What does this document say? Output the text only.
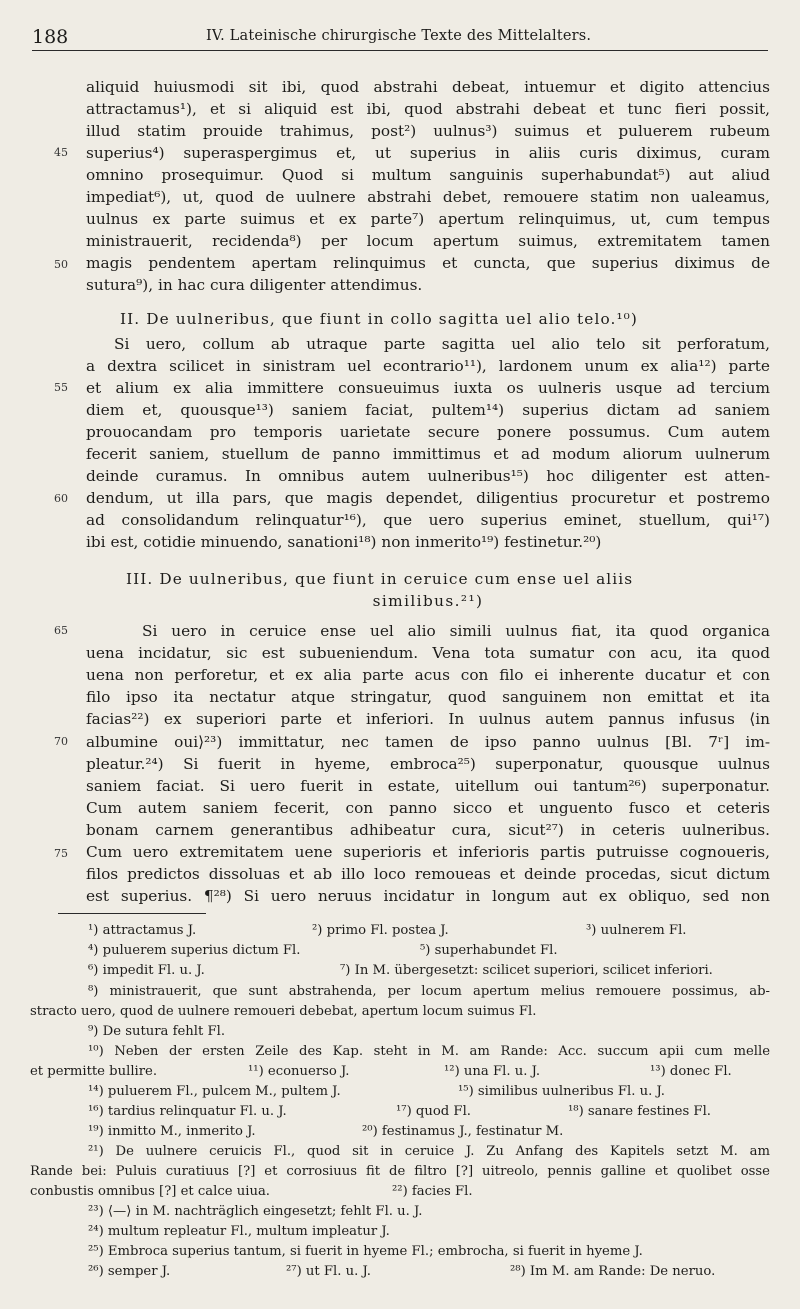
188	IV. Lateinische chirurgische Texte des Mittelalters.
45
50
55
60
65
70
75
aliquid huiusmodi sit ibi, quod abstrahi debeat, intuemur et digito attencius
attractamus¹), et si aliquid est ibi, quod abstrahi debeat et tunc fieri possit,
illud statim prouide trahimus, post²) uulnus³) suimus et puluerem rubeum
superius⁴) superaspergimus et, ut superius in aliis curis diximus, curam
omnino prosequimur. Quod si multum sanguinis superhabundat⁵) aut aliud
impediat⁶), ut, quod de uulnere abstrahi debet, remouere statim non ualeamus,
uulnus ex parte suimus et ex parte⁷) apertum relinquimus, ut, cum tempus
ministrauerit, recidenda⁸) per locum apertum suimus, extremitatem tamen
magis pendentem apertam relinquimus et cuncta, que superius diximus de
sutura⁹), in hac cura diligenter attendimus.
II. De uulneribus, que fiunt in collo sagitta uel alio telo.¹⁰)
Si uero, collum ab utraque parte sagitta uel alio telo sit perforatum,
a dextra scilicet in sinistram uel econtrario¹¹), lardonem unum ex alia¹²) parte
et alium ex alia immittere consueuimus iuxta os uulneris usque ad tercium
diem et, quousque¹³) saniem faciat, pultem¹⁴) superius dictam ad saniem
prouocandam pro temporis uarietate secure ponere possumus. Cum autem
fecerit saniem, stuellum de panno immittimus et ad modum aliorum uulnerum
deinde curamus. In omnibus autem uulneribus¹⁵) hoc diligenter est atten-
dendum, ut illa pars, que magis dependet, diligentius procuretur et postremo
ad consolidandum relinquatur¹⁶), que uero superius eminet, stuellum, qui¹⁷)
ibi est, cotidie minuendo, sanationi¹⁸) non inmerito¹⁹) festinetur.²⁰)
III. De uulneribus, que fiunt in ceruice cum ense uel aliis
similibus.²¹)
Si uero in ceruice ense uel alio simili uulnus fiat, ita quod organica
uena incidatur, sic est subueniendum. Vena tota sumatur con acu, ita quod
uena non perforetur, et ex alia parte acus con filo ei inherente ducatur et con
filo ipso ita nectatur atque stringatur, quod sanguinem non emittat et ita
facias²²) ex superiori parte et inferiori. In uulnus autem pannus infusus ⟨in
albumine oui⟩²³) immittatur, nec tamen de ipso panno uulnus [Bl. 7ʳ] im-
pleatur.²⁴) Si fuerit in hyeme, embroca²⁵) superponatur, quousque uulnus
saniem faciat. Si uero fuerit in estate, uitellum oui tantum²⁶) superponatur.
Cum autem saniem fecerit, con panno sicco et unguento fusco et ceteris
bonam carnem generantibus adhibeatur cura, sicut²⁷) in ceteris uulneribus.
Cum uero extremitatem uene superioris et inferioris partis putruisse cognoueris,
filos predictos dissoluas et ab illo loco remoueas et deinde procedas, sicut dictum
est superius. ¶²⁸) Si uero neruus incidatur in longum aut ex obliquo, sed non
¹) attractamus J.	²) primo Fl. postea J.	³) uulnerem Fl.
⁴) puluerem superius dictum Fl.	⁵) superhabundet Fl.
⁶) impedit Fl. u. J.	⁷) In M. übergesetzt: scilicet superiori, scilicet inferiori.
⁸) ministrauerit, que sunt abstrahenda, per locum apertum melius remouere possimus, ab-
stracto uero, quod de uulnere remoueri debebat, apertum locum suimus Fl.
⁹) De sutura fehlt Fl.
¹⁰) Neben der ersten Zeile des Kap. steht in M. am Rande: Acc. succum apii cum melle
et permitte bullire.	¹¹) econuerso J.	¹²) una Fl. u. J.	¹³) donec Fl.
¹⁴) puluerem Fl., pulcem M., pultem J.	¹⁵) similibus uulneribus Fl. u. J.
¹⁶) tardius relinquatur Fl. u. J.	¹⁷) quod Fl.	¹⁸) sanare festines Fl.
¹⁹) inmitto M., inmerito J.	²⁰) festinamus J., festinatur M.
²¹) De uulnere ceruicis Fl., quod sit in ceruice J. Zu Anfang des Kapitels setzt M. am
Rande bei: Puluis curatiuus [?] et corrosiuus fit de filtro [?] uitreolo, pennis galline et quolibet osse
conbustis omnibus [?] et calce uiua.	²²) facies Fl.
²³) ⟨—⟩ in M. nachträglich eingesetzt; fehlt Fl. u. J.
²⁴) multum repleatur Fl., multum impleatur J.
²⁵) Embroca superius tantum, si fuerit in hyeme Fl.; embrocha, si fuerit in hyeme J.
²⁶) semper J.	²⁷) ut Fl. u. J.	²⁸) Im M. am Rande: De neruo.
